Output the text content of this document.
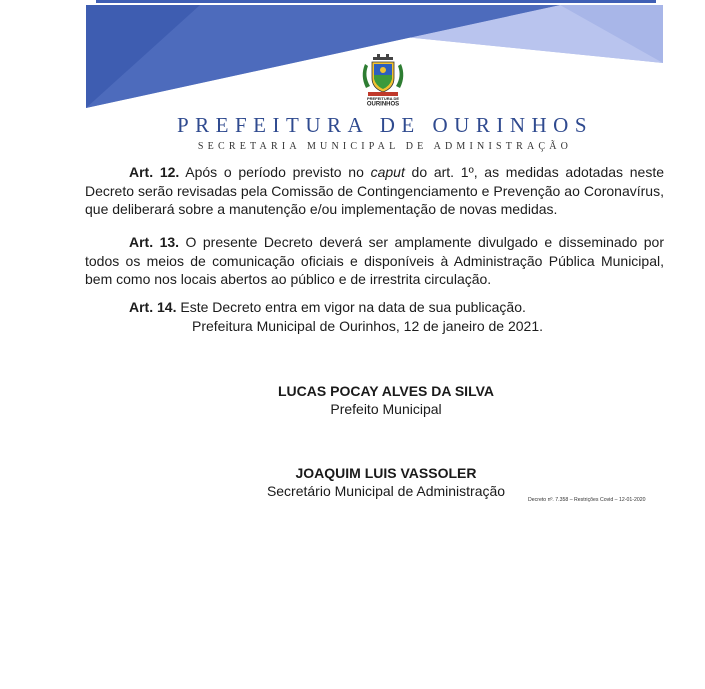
PREFEITURA DE
OURINHOS
PREFEITURA DE OURINHOS
SECRETARIA MUNICIPAL DE ADMINISTRAÇÃO
Art. 12. Após o período previsto no caput do art. 1º, as medidas adotadas neste Decreto serão revisadas pela Comissão de Contingenciamento e Prevenção ao Coronavírus, que deliberará sobre a manutenção e/ou implementação de novas medidas.
Art. 13. O presente Decreto deverá ser amplamente divulgado e disseminado por todos os meios de comunicação oficiais e disponíveis à Administração Pública Municipal, bem como nos locais abertos ao público e de irrestrita circulação.
Art. 14. Este Decreto entra em vigor na data de sua publicação.
Prefeitura Municipal de Ourinhos, 12 de janeiro de 2021.
LUCAS POCAY ALVES DA SILVA
Prefeito Municipal
JOAQUIM LUIS VASSOLER
Secretário Municipal de Administração
Decreto nº. 7.358 – Restrições Covid – 12-01-2020
